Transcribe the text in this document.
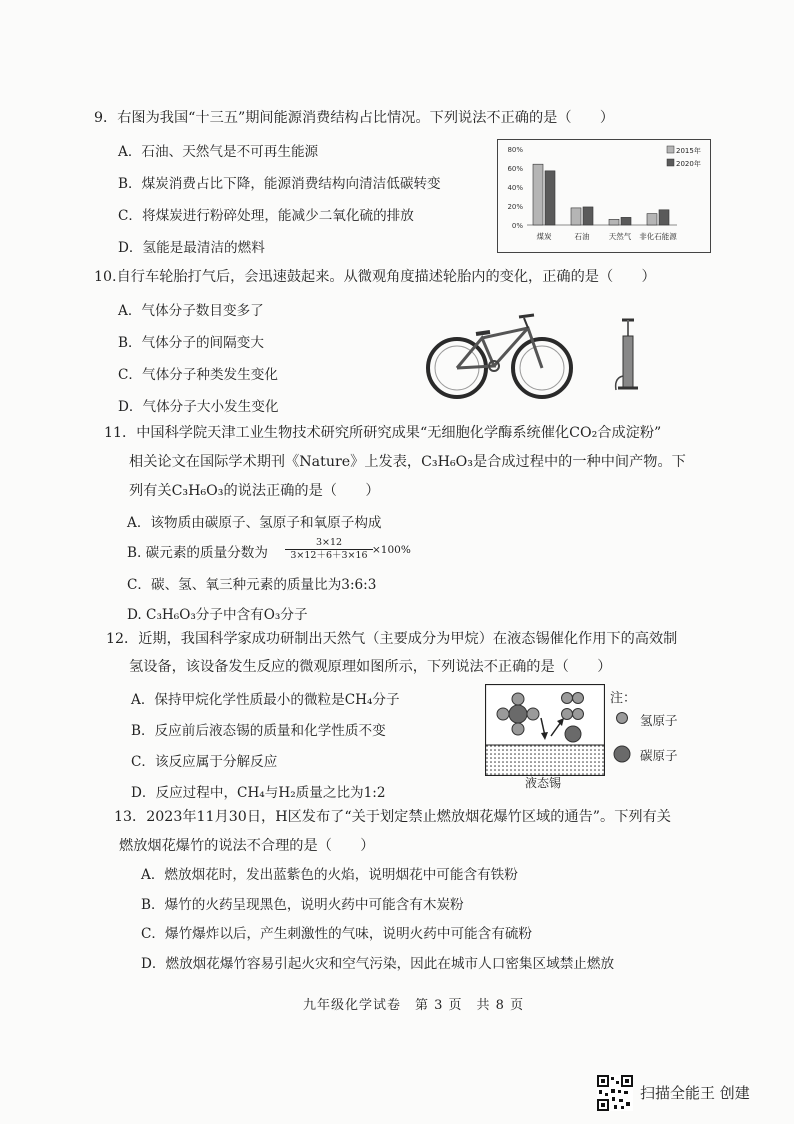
9．右图为我国“十三五”期间能源消费结构占比情况。下列说法不正确的是（　　）
A．石油、天然气是不可再生能源
B．煤炭消费占比下降，能源消费结构向清洁低碳转变
C．将煤炭进行粉碎处理，能减少二氧化硫的排放
D．氢能是最清洁的燃料
80%
60%
40%
20%
0%
煤炭	石油	天然气 非化石能源
2015年
2020年
10.自行车轮胎打气后，会迅速鼓起来。从微观角度描述轮胎内的变化，正确的是（　　）
A．气体分子数目变多了
B．气体分子的间隔变大
C．气体分子种类发生变化
D．气体分子大小发生变化
11．中国科学院天津工业生物技术研究所研究成果“无细胞化学酶系统催化CO₂合成淀粉”
相关论文在国际学术期刊《Nature》上发表，C₃H₆O₃是合成过程中的一种中间产物。下
列有关C₃H₆O₃的说法正确的是（　　）
A．该物质由碳原子、氢原子和氧原子构成
B. 碳元素的质量分数为 $\frac{3\times 12}{3\times 12+6+3\times 16} \times 100\%$
C．碳、氢、氧三种元素的质量比为3:6:3
D. C₃H₆O₃分子中含有O₃分子
12．近期，我国科学家成功研制出天然气（主要成分为甲烷）在液态锡催化作用下的高效制
氢设备，该设备发生反应的微观原理如图所示，下列说法不正确的是（　　）
A．保持甲烷化学性质最小的微粒是CH₄分子
B．反应前后液态锡的质量和化学性质不变
C．该反应属于分解反应
D．反应过程中，CH₄与H₂质量之比为1:2
液态锡
注：
氢原子
碳原子
13．2023年11月30日，H区发布了“关于划定禁止燃放烟花爆竹区域的通告”。下列有关
燃放烟花爆竹的说法不合理的是（　　）
A．燃放烟花时，发出蓝紫色的火焰，说明烟花中可能含有铁粉
B．爆竹的火药呈现黑色，说明火药中可能含有木炭粉
C．爆竹爆炸以后，产生刺激性的气味，说明火药中可能含有硫粉
D．燃放烟花爆竹容易引起火灾和空气污染，因此在城市人口密集区域禁止燃放
九年级化学试卷　第 3 页　共 8 页
扫描全能王 创建
